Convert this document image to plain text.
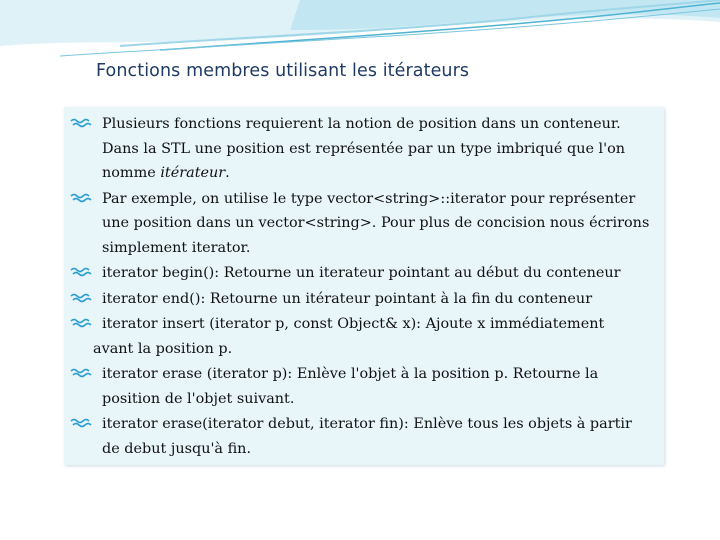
Fonctions membres utilisant les itérateurs
Plusieurs fonctions requierent la notion de position dans un conteneur.
Dans la STL une position est représentée par un type imbriqué que l'on
nomme itérateur.
Par exemple, on utilise le type vector<string>::iterator pour représenter
une position dans un vector<string>. Pour plus de concision nous écrirons
simplement iterator.
iterator begin(): Retourne un iterateur pointant au début du conteneur
iterator end(): Retourne un itérateur pointant à la fin du conteneur
iterator insert (iterator p, const Object& x): Ajoute x immédiatement
avant la position p.
iterator erase (iterator p): Enlève l'objet à la position p. Retourne la
position de l'objet suivant.
iterator erase(iterator debut, iterator fin): Enlève tous les objets à partir
de debut jusqu'à fin.
